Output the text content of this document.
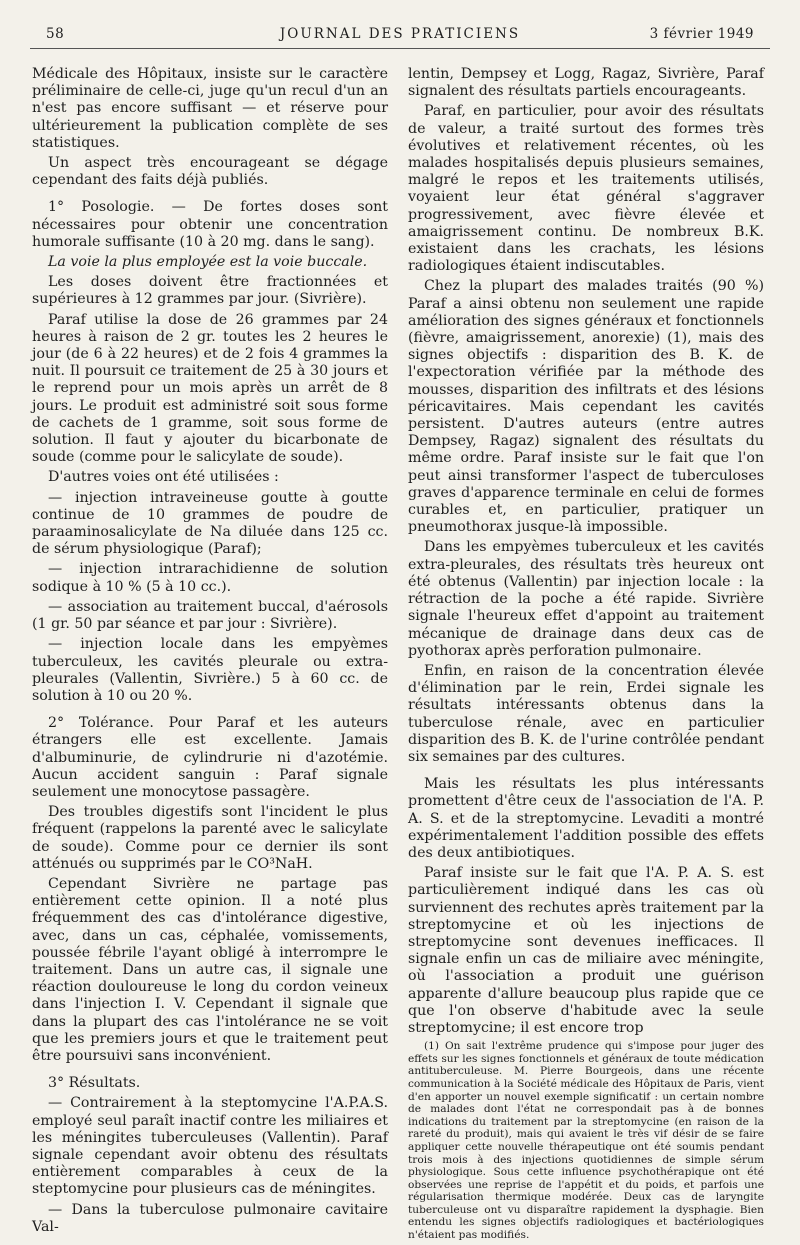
58	JOURNAL DES PRATICIENS	3 février 1949

Médicale des Hôpitaux, insiste sur le caractère préliminaire de celle-ci, juge qu'un recul d'un an n'est pas encore suffisant — et réserve pour ultérieurement la publication complète de ses statistiques.

Un aspect très encourageant se dégage cependant des faits déjà publiés.

1° Posologie. — De fortes doses sont nécessaires pour obtenir une concentration humorale suffisante (10 à 20 mg. dans le sang).

La voie la plus employée est la voie buccale.

Les doses doivent être fractionnées et supérieures à 12 grammes par jour. (Sivrière).

Paraf utilise la dose de 26 grammes par 24 heures à raison de 2 gr. toutes les 2 heures le jour (de 6 à 22 heures) et de 2 fois 4 grammes la nuit. Il poursuit ce traitement de 25 à 30 jours et le reprend pour un mois après un arrêt de 8 jours. Le produit est administré soit sous forme de cachets de 1 gramme, soit sous forme de solution. Il faut y ajouter du bicarbonate de soude (comme pour le salicylate de soude).

D'autres voies ont été utilisées :

— injection intraveineuse goutte à goutte continue de 10 grammes de poudre de paraaminosalicylate de Na diluée dans 125 cc. de sérum physiologique (Paraf);

— injection intrarachidienne de solution sodique à 10 % (5 à 10 cc.).

— association au traitement buccal, d'aérosols (1 gr. 50 par séance et par jour : Sivrière).

— injection locale dans les empyèmes tuberculeux, les cavités pleurale ou extra-pleurales (Vallentin, Sivrière.) 5 à 60 cc. de solution à 10 ou 20 %.

2° Tolérance. Pour Paraf et les auteurs étrangers elle est excellente. Jamais d'albuminurie, de cylindrurie ni d'azotémie. Aucun accident sanguin : Paraf signale seulement une monocytose passagère.

Des troubles digestifs sont l'incident le plus fréquent (rappelons la parenté avec le salicylate de soude). Comme pour ce dernier ils sont atténués ou supprimés par le CO³NaH.

Cependant Sivrière ne partage pas entièrement cette opinion. Il a noté plus fréquemment des cas d'intolérance digestive, avec, dans un cas, céphalée, vomissements, poussée fébrile l'ayant obligé à interrompre le traitement. Dans un autre cas, il signale une réaction douloureuse le long du cordon veineux dans l'injection I. V. Cependant il signale que dans la plupart des cas l'intolérance ne se voit que les premiers jours et que le traitement peut être poursuivi sans inconvénient.

3° Résultats.

— Contrairement à la steptomycine l'A.P.A.S. employé seul paraît inactif contre les miliaires et les méningites tuberculeuses (Vallentin). Paraf signale cependant avoir obtenu des résultats entièrement comparables à ceux de la steptomycine pour plusieurs cas de méningites.

— Dans la tuberculose pulmonaire cavitaire Val-

lentin, Dempsey et Logg, Ragaz, Sivrière, Paraf signalent des résultats partiels encourageants.

Paraf, en particulier, pour avoir des résultats de valeur, a traité surtout des formes très évolutives et relativement récentes, où les malades hospitalisés depuis plusieurs semaines, malgré le repos et les traitements utilisés, voyaient leur état général s'aggraver progressivement, avec fièvre élevée et amaigrissement continu. De nombreux B.K. existaient dans les crachats, les lésions radiologiques étaient indiscutables.

Chez la plupart des malades traités (90 %) Paraf a ainsi obtenu non seulement une rapide amélioration des signes généraux et fonctionnels (fièvre, amaigrissement, anorexie) (1), mais des signes objectifs : disparition des B. K. de l'expectoration vérifiée par la méthode des mousses, disparition des infiltrats et des lésions péricavitaires. Mais cependant les cavités persistent. D'autres auteurs (entre autres Dempsey, Ragaz) signalent des résultats du même ordre. Paraf insiste sur le fait que l'on peut ainsi transformer l'aspect de tuberculoses graves d'apparence terminale en celui de formes curables et, en particulier, pratiquer un pneumothorax jusque-là impossible.

Dans les empyèmes tuberculeux et les cavités extra-pleurales, des résultats très heureux ont été obtenus (Vallentin) par injection locale : la rétraction de la poche a été rapide. Sivrière signale l'heureux effet d'appoint au traitement mécanique de drainage dans deux cas de pyothorax après perforation pulmonaire.

Enfin, en raison de la concentration élevée d'élimination par le rein, Erdei signale les résultats intéressants obtenus dans la tuberculose rénale, avec en particulier disparition des B. K. de l'urine contrôlée pendant six semaines par des cultures.

Mais les résultats les plus intéressants promettent d'être ceux de l'association de l'A. P. A. S. et de la streptomycine. Levaditi a montré expérimentalement l'addition possible des effets des deux antibiotiques.

Paraf insiste sur le fait que l'A. P. A. S. est particulièrement indiqué dans les cas où surviennent des rechutes après traitement par la streptomycine et où les injections de streptomycine sont devenues inefficaces. Il signale enfin un cas de miliaire avec méningite, où l'association a produit une guérison apparente d'allure beaucoup plus rapide que ce que l'on observe d'habitude avec la seule streptomycine; il est encore trop

(1) On sait l'extrême prudence qui s'impose pour juger des effets sur les signes fonctionnels et généraux de toute médication antituberculeuse. M. Pierre Bourgeois, dans une récente communication à la Société médicale des Hôpitaux de Paris, vient d'en apporter un nouvel exemple significatif : un certain nombre de malades dont l'état ne correspondait pas à de bonnes indications du traitement par la streptomycine (en raison de la rareté du produit), mais qui avaient le très vif désir de se faire appliquer cette nouvelle thérapeutique ont été soumis pendant trois mois à des injections quotidiennes de simple sérum physiologique. Sous cette influence psychothérapique ont été observées une reprise de l'appétit et du poids, et parfois une régularisation thermique modérée. Deux cas de laryngite tuberculeuse ont vu disparaître rapidement la dysphagie. Bien entendu les signes objectifs radiologiques et bactériologiques n'étaient pas modifiés.
